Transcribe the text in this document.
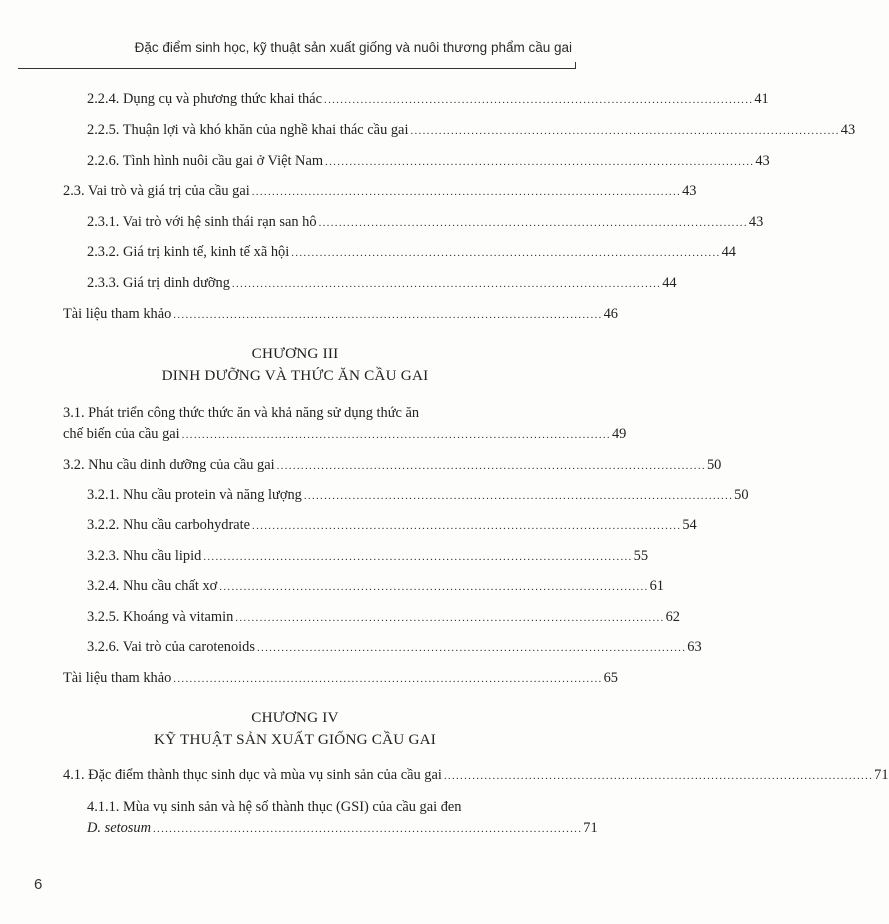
Đặc điểm sinh học, kỹ thuật sản xuất giống và nuôi thương phẩm cầu gai
2.2.4. Dụng cụ và phương thức khai thác .......................................................................................................... 41
2.2.5. Thuận lợi và khó khăn của nghề khai thác cầu gai .......................................................................................................... 43
2.2.6. Tình hình nuôi cầu gai ở Việt Nam .......................................................................................................... 43
2.3. Vai trò và giá trị của cầu gai .......................................................................................................... 43
2.3.1. Vai trò với hệ sinh thái rạn san hô .......................................................................................................... 43
2.3.2. Giá trị kinh tế, kinh tế xã hội .......................................................................................................... 44
2.3.3. Giá trị dinh dưỡng .......................................................................................................... 44
Tài liệu tham khảo .......................................................................................................... 46
CHƯƠNG III
DINH DƯỠNG VÀ THỨC ĂN CẦU GAI
3.1. Phát triển công thức thức ăn và khả năng sử dụng thức ăn
chế biến của cầu gai .......................................................................................................... 49
3.2. Nhu cầu dinh dưỡng của cầu gai .......................................................................................................... 50
3.2.1. Nhu cầu protein và năng lượng .......................................................................................................... 50
3.2.2. Nhu cầu carbohydrate .......................................................................................................... 54
3.2.3. Nhu cầu lipid .......................................................................................................... 55
3.2.4. Nhu cầu chất xơ .......................................................................................................... 61
3.2.5. Khoáng và vitamin .......................................................................................................... 62
3.2.6. Vai trò của carotenoids .......................................................................................................... 63
Tài liệu tham khảo .......................................................................................................... 65
CHƯƠNG IV
KỸ THUẬT SẢN XUẤT GIỐNG CẦU GAI
4.1. Đặc điểm thành thục sinh dục và mùa vụ sinh sản của cầu gai .......................................................................................................... 71
4.1.1. Mùa vụ sinh sản và hệ số thành thục (GSI) của cầu gai đen
D. setosum .......................................................................................................... 71
6
